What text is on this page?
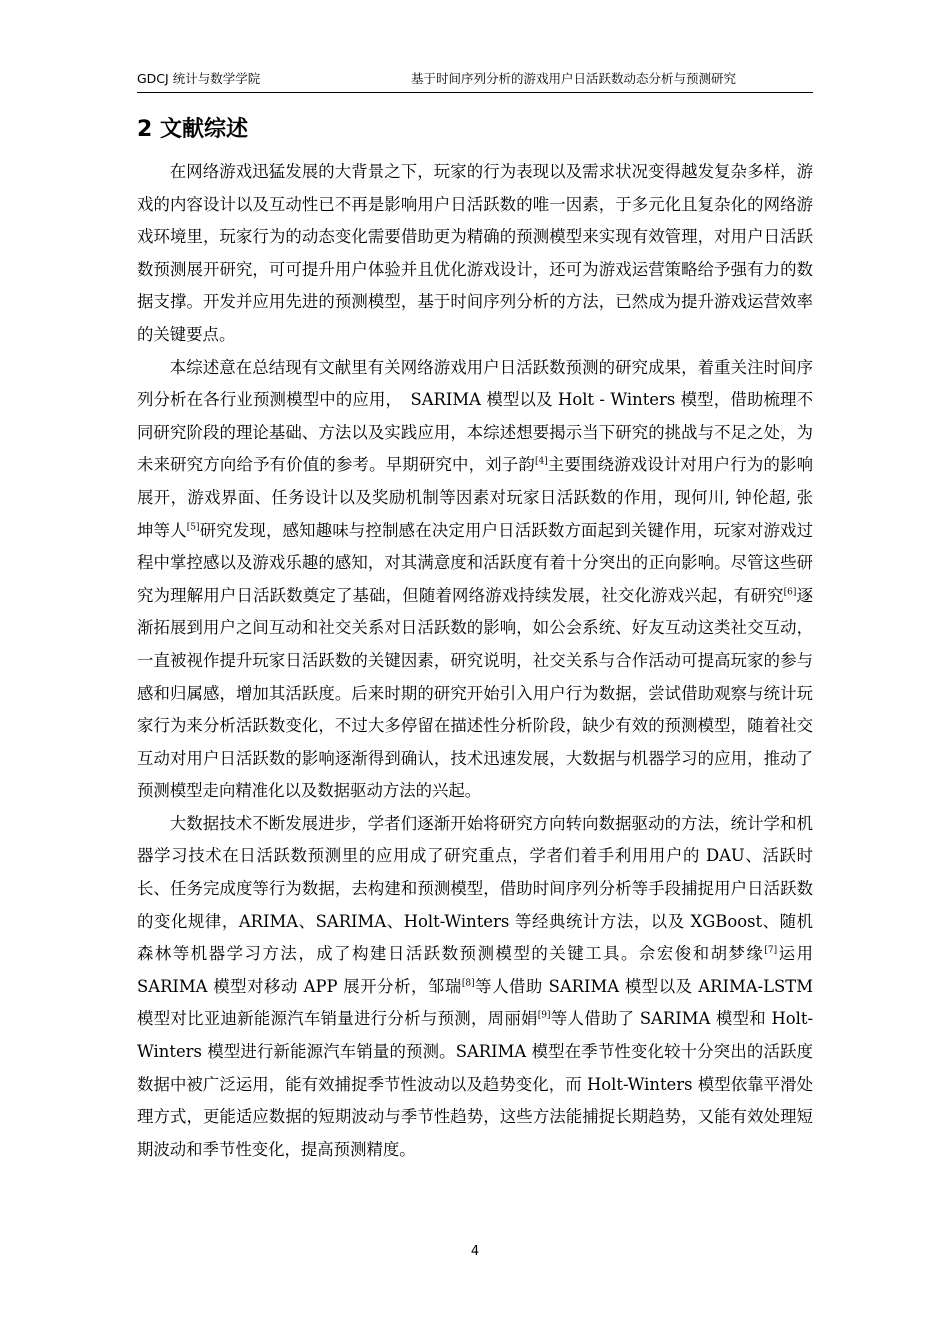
GDCJ 统计与数学学院	基于时间序列分析的游戏用户日活跃数动态分析与预测研究
2 文献综述

在网络游戏迅猛发展的大背景之下，玩家的行为表现以及需求状况变得越发复杂多样，游戏的内容设计以及互动性已不再是影响用户日活跃数的唯一因素，于多元化且复杂化的网络游戏环境里，玩家行为的动态变化需要借助更为精确的预测模型来实现有效管理，对用户日活跃数预测展开研究，可可提升用户体验并且优化游戏设计，还可为游戏运营策略给予强有力的数据支撑。开发并应用先进的预测模型，基于时间序列分析的方法，已然成为提升游戏运营效率的关键要点。

本综述意在总结现有文献里有关网络游戏用户日活跃数预测的研究成果，着重关注时间序列分析在各行业预测模型中的应用，　SARIMA 模型以及 Holt - Winters 模型，借助梳理不同研究阶段的理论基础、方法以及实践应用，本综述想要揭示当下研究的挑战与不足之处，为未来研究方向给予有价值的参考。早期研究中，刘子韵[4]主要围绕游戏设计对用户行为的影响展开，游戏界面、任务设计以及奖励机制等因素对玩家日活跃数的作用，现何川, 钟伦超, 张坤等人[5]研究发现，感知趣味与控制感在决定用户日活跃数方面起到关键作用，玩家对游戏过程中掌控感以及游戏乐趣的感知，对其满意度和活跃度有着十分突出的正向影响。尽管这些研究为理解用户日活跃数奠定了基础，但随着网络游戏持续发展，社交化游戏兴起，有研究[6]逐渐拓展到用户之间互动和社交关系对日活跃数的影响，如公会系统、好友互动这类社交互动，一直被视作提升玩家日活跃数的关键因素，研究说明，社交关系与合作活动可提高玩家的参与感和归属感，增加其活跃度。后来时期的研究开始引入用户行为数据，尝试借助观察与统计玩家行为来分析活跃数变化，不过大多停留在描述性分析阶段，缺少有效的预测模型，随着社交互动对用户日活跃数的影响逐渐得到确认，技术迅速发展，大数据与机器学习的应用，推动了预测模型走向精准化以及数据驱动方法的兴起。

大数据技术不断发展进步，学者们逐渐开始将研究方向转向数据驱动的方法，统计学和机器学习技术在日活跃数预测里的应用成了研究重点，学者们着手利用用户的 DAU、活跃时长、任务完成度等行为数据，去构建和预测模型，借助时间序列分析等手段捕捉用户日活跃数的变化规律，ARIMA、SARIMA、Holt-Winters 等经典统计方法，以及 XGBoost、随机森林等机器学习方法，成了构建日活跃数预测模型的关键工具。佘宏俊和胡梦缘[7]运用 SARIMA 模型对移动 APP 展开分析，邹瑞[8]等人借助 SARIMA 模型以及 ARIMA-LSTM 模型对比亚迪新能源汽车销量进行分析与预测，周丽娟[9]等人借助了 SARIMA 模型和 Holt-Winters 模型进行新能源汽车销量的预测。SARIMA 模型在季节性变化较十分突出的活跃度数据中被广泛运用，能有效捕捉季节性波动以及趋势变化，而 Holt-Winters 模型依靠平滑处理方式，更能适应数据的短期波动与季节性趋势，这些方法能捕捉长期趋势，又能有效处理短期波动和季节性变化，提高预测精度。

4
